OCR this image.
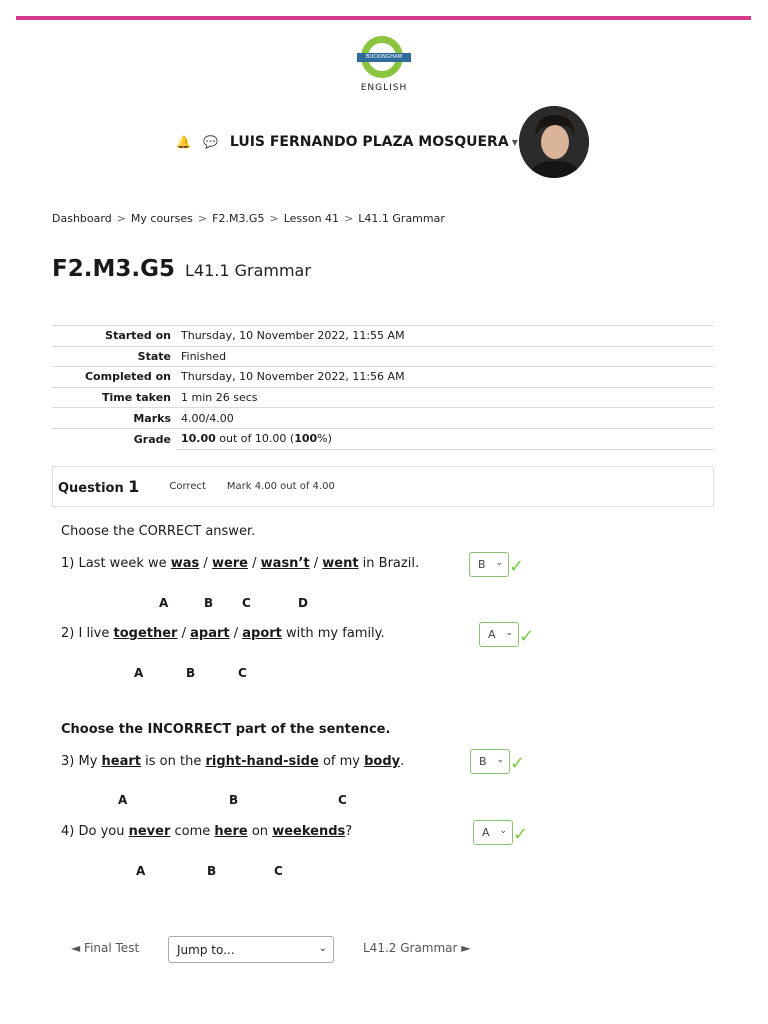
BUCKINGHAM
ENGLISH
🔔 💬 LUIS FERNANDO PLAZA MOSQUERA ▼
Dashboard > My courses > F2.M3.G5 > Lesson 41 > L41.1 Grammar
F2.M3.G5 L41.1 Grammar
Started on	Thursday, 10 November 2022, 11:55 AM
State	Finished
Completed on	Thursday, 10 November 2022, 11:56 AM
Time taken	1 min 26 secs
Marks	4.00/4.00
Grade	10.00 out of 10.00 (100%)
Question 1	Correct Mark 4.00 out of 4.00
Choose the CORRECT answer.
1) Last week we was / were / wasn’t / went in Brazil.	B ⌄ ✓
A	B C	D
2) I live together / apart / aport with my family.	A ⌄ ✓
A	B	C
Choose the INCORRECT part of the sentence.
3) My heart is on the right-hand-side of my body.	B ⌄ ✓
A	B	C
4) Do you never come here on weekends?	A ⌄ ✓
A	B	C
◄ Final Test	Jump to...	⌄	L41.2 Grammar ►
